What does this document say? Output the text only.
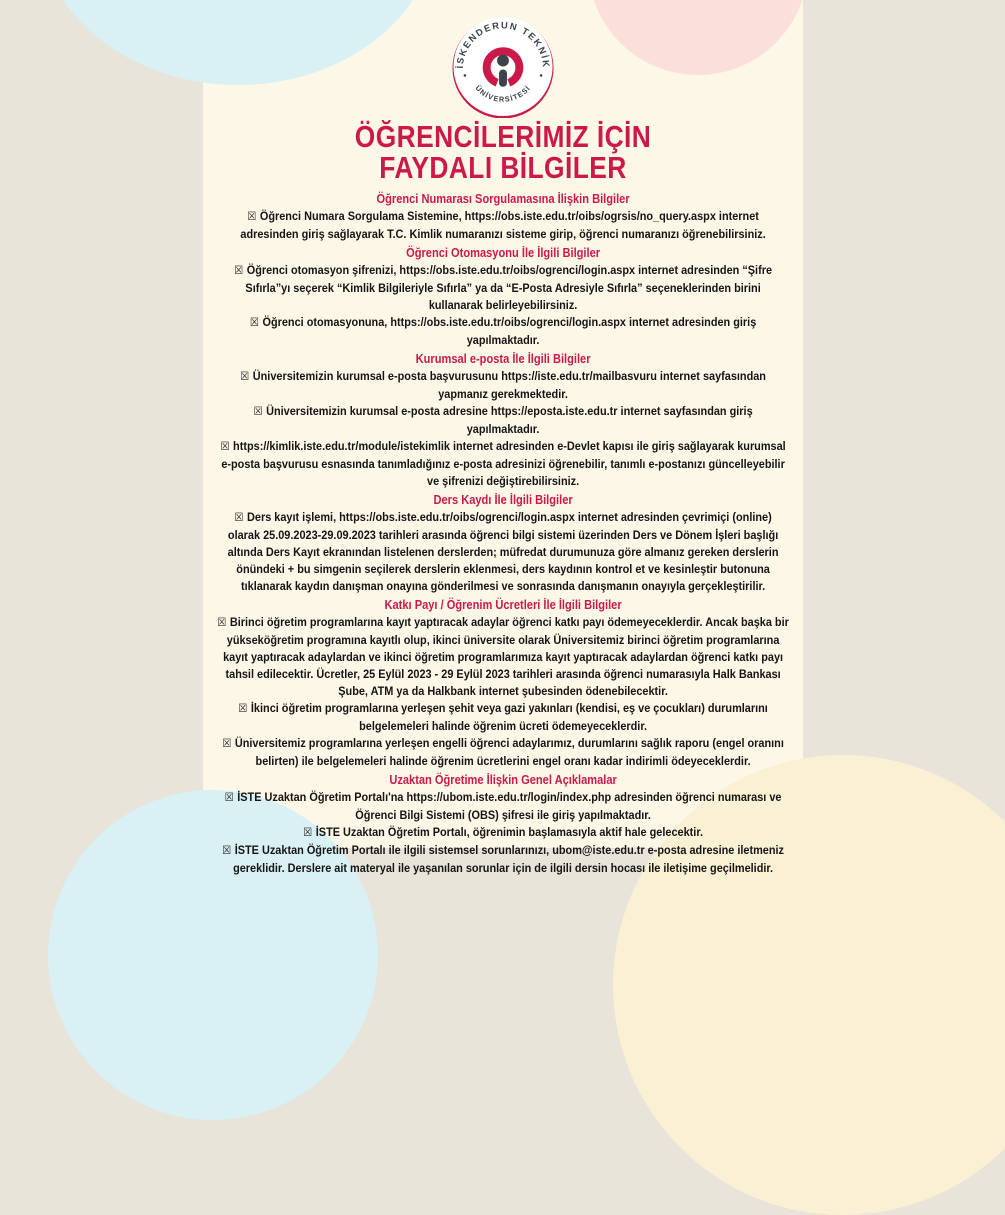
İSKENDERUN TEKNİK
ÜNİVERSİTESİ
ÖĞRENCİLERİMİZ İÇİN
FAYDALI BİLGİLER
Öğrenci Numarası Sorgulamasına İlişkin Bilgiler

☒ Öğrenci Numara Sorgulama Sistemine, https://obs.iste.edu.tr/oibs/ogrsis/no_query.aspx internet adresinden giriş sağlayarak T.C. Kimlik numaranızı sisteme girip, öğrenci numaranızı öğrenebilirsiniz.

Öğrenci Otomasyonu İle İlgili Bilgiler

☒ Öğrenci otomasyon şifrenizi, https://obs.iste.edu.tr/oibs/ogrenci/login.aspx internet adresinden “Şifre Sıfırla”yı seçerek “Kimlik Bilgileriyle Sıfırla” ya da “E-Posta Adresiyle Sıfırla” seçeneklerinden birini kullanarak belirleyebilirsiniz.

☒ Öğrenci otomasyonuna, https://obs.iste.edu.tr/oibs/ogrenci/login.aspx internet adresinden giriş yapılmaktadır.

Kurumsal e-posta İle İlgili Bilgiler

☒ Üniversitemizin kurumsal e-posta başvurusunu https://iste.edu.tr/mailbasvuru internet sayfasından yapmanız gerekmektedir.

☒ Üniversitemizin kurumsal e-posta adresine https://eposta.iste.edu.tr internet sayfasından giriş yapılmaktadır.

☒ https://kimlik.iste.edu.tr/module/istekimlik internet adresinden e-Devlet kapısı ile giriş sağlayarak kurumsal e-posta başvurusu esnasında tanımladığınız e-posta adresinizi öğrenebilir, tanımlı e-postanızı güncelleyebilir ve şifrenizi değiştirebilirsiniz.

Ders Kaydı İle İlgili Bilgiler

☒ Ders kayıt işlemi, https://obs.iste.edu.tr/oibs/ogrenci/login.aspx internet adresinden çevrimiçi (online) olarak 25.09.2023-29.09.2023 tarihleri arasında öğrenci bilgi sistemi üzerinden Ders ve Dönem İşleri başlığı altında Ders Kayıt ekranından listelenen derslerden; müfredat durumunuza göre almanız gereken derslerin önündeki + bu simgenin seçilerek derslerin eklenmesi, ders kaydının kontrol et ve kesinleştir butonuna tıklanarak kaydın danışman onayına gönderilmesi ve sonrasında danışmanın onayıyla gerçekleştirilir.

Katkı Payı / Öğrenim Ücretleri İle İlgili Bilgiler

☒ Birinci öğretim programlarına kayıt yaptıracak adaylar öğrenci katkı payı ödemeyeceklerdir. Ancak başka bir yükseköğretim programına kayıtlı olup, ikinci üniversite olarak Üniversitemiz birinci öğretim programlarına kayıt yaptıracak adaylardan ve ikinci öğretim programlarımıza kayıt yaptıracak adaylardan öğrenci katkı payı tahsil edilecektir. Ücretler, 25 Eylül 2023 - 29 Eylül 2023 tarihleri arasında öğrenci numarasıyla Halk Bankası Şube, ATM ya da Halkbank internet şubesinden ödenebilecektir.

☒ İkinci öğretim programlarına yerleşen şehit veya gazi yakınları (kendisi, eş ve çocukları) durumlarını belgelemeleri halinde öğrenim ücreti ödemeyeceklerdir.

☒ Üniversitemiz programlarına yerleşen engelli öğrenci adaylarımız, durumlarını sağlık raporu (engel oranını belirten) ile belgelemeleri halinde öğrenim ücretlerini engel oranı kadar indirimli ödeyeceklerdir.

Uzaktan Öğretime İlişkin Genel Açıklamalar

☒ İSTE Uzaktan Öğretim Portalı'na https://ubom.iste.edu.tr/login/index.php adresinden öğrenci numarası ve Öğrenci Bilgi Sistemi (OBS) şifresi ile giriş yapılmaktadır.

☒ İSTE Uzaktan Öğretim Portalı, öğrenimin başlamasıyla aktif hale gelecektir.

☒ İSTE Uzaktan Öğretim Portalı ile ilgili sistemsel sorunlarınızı, ubom@iste.edu.tr e-posta adresine iletmeniz gereklidir. Derslere ait materyal ile yaşanılan sorunlar için de ilgili dersin hocası ile iletişime geçilmelidir.
